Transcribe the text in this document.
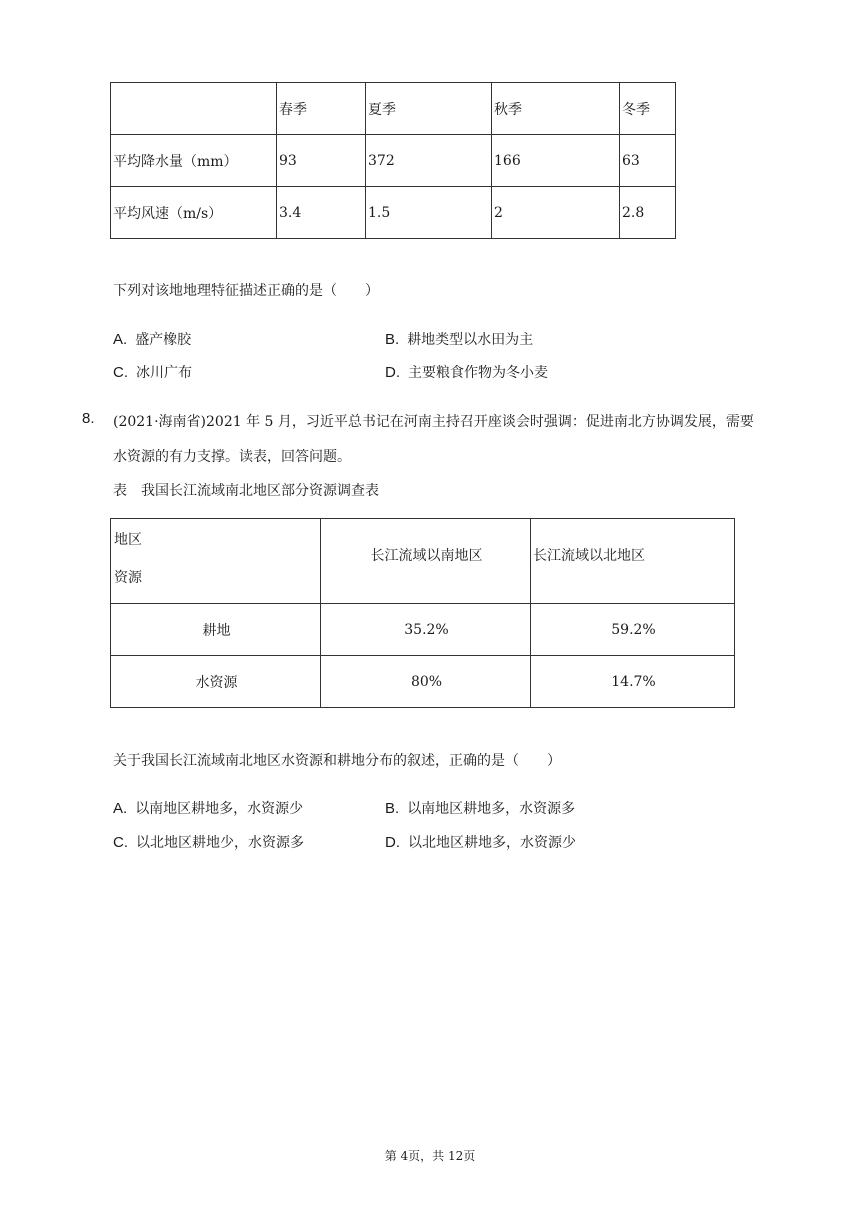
	春季	夏季	秋季	冬季
平均降水量（mm）	93	372	166	63
平均风速（m/s）	3.4	1.5	2	2.8
下列对该地地理特征描述正确的是（　　）
A. 盛产橡胶	B. 耕地类型以水田为主
C. 冰川广布	D. 主要粮食作物为冬小麦
8. (2021·海南省)2021 年 5 月，习近平总书记在河南主持召开座谈会时强调：促进南北方协调发展，需要
水资源的有力支撑。读表，回答问题。
表　我国长江流域南北地区部分资源调查表
地区
资源	长江流域以南地区	长江流域以北地区
耕地	35.2%	59.2%
水资源	80%	14.7%
关于我国长江流域南北地区水资源和耕地分布的叙述，正确的是（　　）
A. 以南地区耕地多，水资源少	B. 以南地区耕地多，水资源多
C. 以北地区耕地少，水资源多	D. 以北地区耕地多，水资源少
第 4页，共 12页
